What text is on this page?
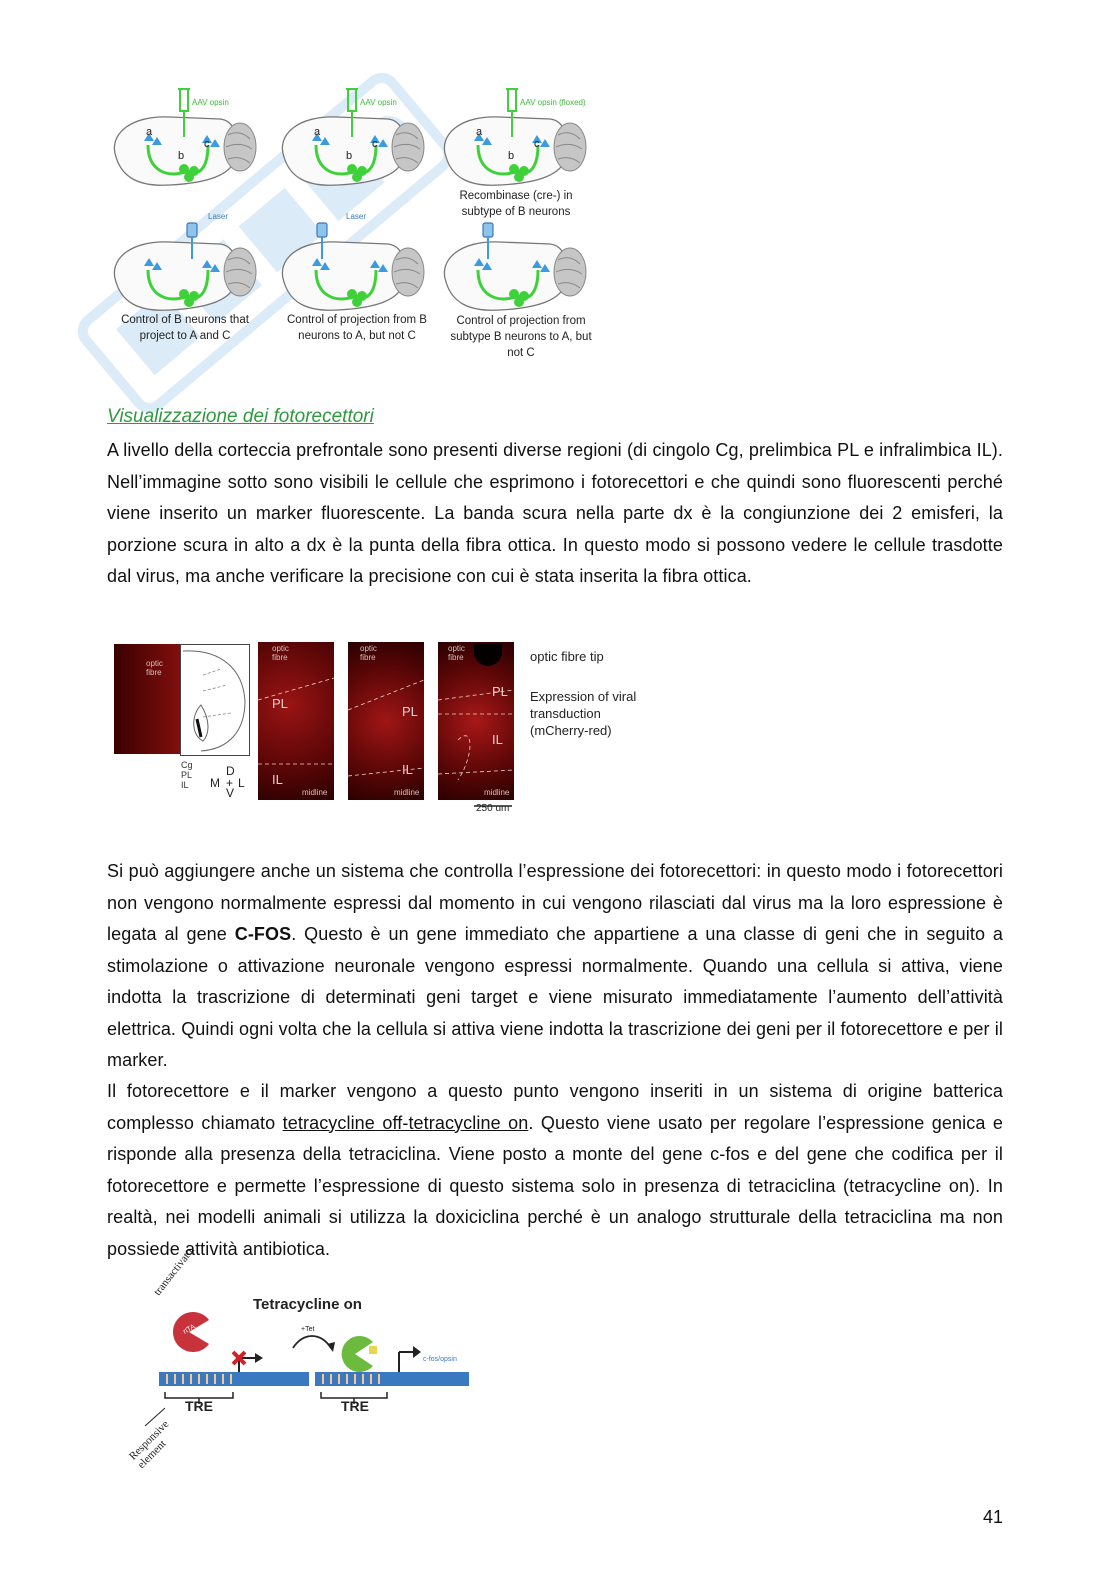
a
b
c
a
b
c
a
b
c
AAV opsin	AAV opsin	AAV opsin (floxed)
Laser	Laser
Recombinase (cre-) in subtype of B neurons
Control of B neurons that project to A and C
Control of projection from B neurons to A, but not C
Control of projection from subtype B neurons to A, but not C
Visualizzazione dei fotorecettori
A livello della corteccia prefrontale sono presenti diverse regioni (di cingolo Cg, prelimbica PL e infralimbica IL). Nell’immagine sotto sono visibili le cellule che esprimono i fotorecettori e che quindi sono fluorescenti perché viene inserito un marker fluorescente. La banda scura nella parte dx è la congiunzione dei 2 emisferi, la porzione scura in alto a dx è la punta della fibra ottica. In questo modo si possono vedere le cellule trasdotte dal virus, ma anche verificare la precisione con cui è stata inserita la fibra ottica.
optic fibre
Cg
PL
IL
D
M + L
V
optic fibre
PL
IL
midline
optic fibre
PL
IL
midline
optic fibre
PL
IL
midline
250 um
optic fibre tip
Expression of viral transduction (mCherry-red)
Si può aggiungere anche un sistema che controlla l’espressione dei fotorecettori: in questo modo i fotorecettori non vengono normalmente espressi dal momento in cui vengono rilasciati dal virus ma la loro espressione è legata al gene C-FOS. Questo è un gene immediato che appartiene a una classe di geni che in seguito a stimolazione o attivazione neuronale vengono espressi normalmente. Quando una cellula si attiva, viene indotta la trascrizione di determinati geni target e viene misurato immediatamente l’aumento dell’attività elettrica. Quindi ogni volta che la cellula si attiva viene indotta la trascrizione dei geni per il fotorecettore e per il marker.
Il fotorecettore e il marker vengono a questo punto vengono inseriti in un sistema di origine batterica complesso chiamato tetracycline off-tetracycline on. Questo viene usato per regolare l’espressione genica e risponde alla presenza della tetraciclina. Viene posto a monte del gene c-fos e del gene che codifica per il fotorecettore e permette l’espressione di questo sistema solo in presenza di tetraciclina (tetracycline on). In realtà, nei modelli animali si utilizza la doxiciclina perché è un analogo strutturale della tetraciclina ma non possiede attività antibiotica.
Tetracycline on
transactivato.
+Tet
rtTA
c-fos/opsin
TRE	TRE
Responsive element
41
